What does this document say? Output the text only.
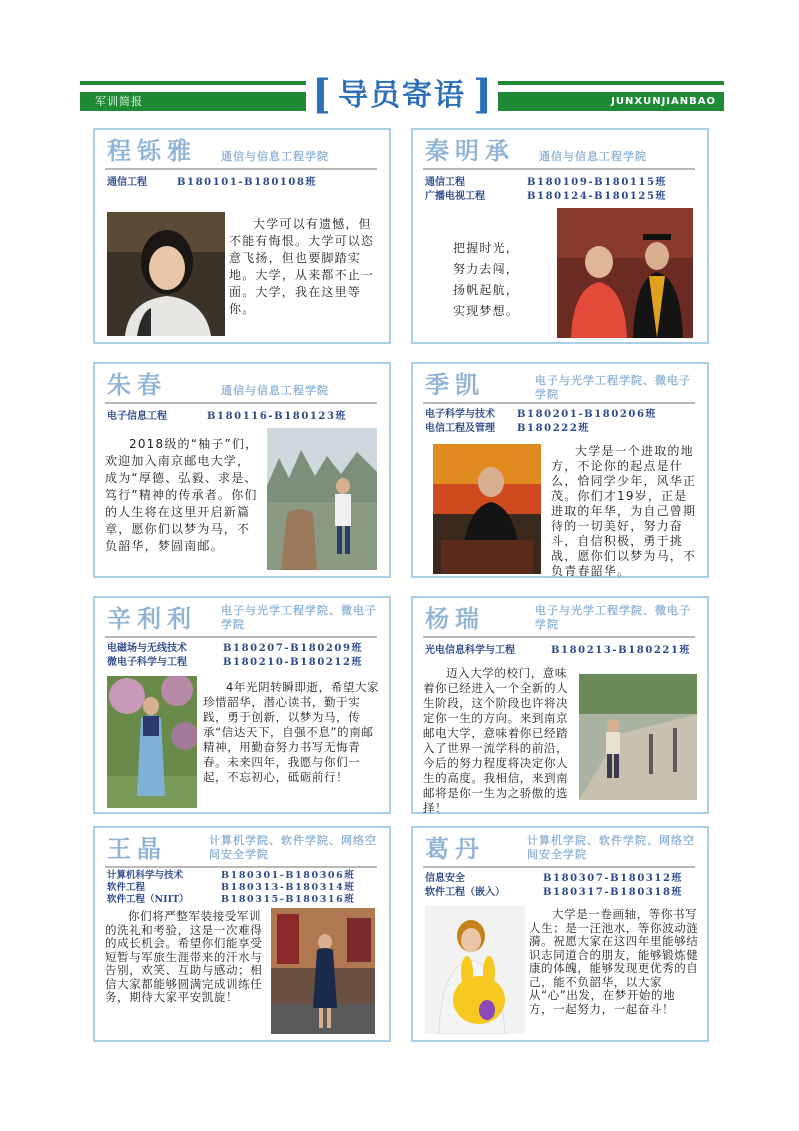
军训简报	JUNXUNJIANBAO
[ 导员寄语 ]
程铄雅 通信与信息工程学院
通信工程	B180101-B180108班
大学可以有遗憾，但不能有悔恨。大学可以恣意飞扬，但也要脚踏实地。大学，从来都不止一面。大学，我在这里等你。
秦明承 通信与信息工程学院
通信工程	B180109-B180115班
广播电视工程	B180124-B180125班
把握时光，努力去闯，扬帆起航，实现梦想。
朱春	通信与信息工程学院
电子信息工程	B180116-B180123班
2018级的“柚子”们，欢迎加入南京邮电大学，成为“厚德、弘毅、求是、笃行”精神的传承者。你们的人生将在这里开启新篇章，愿你们以梦为马，不负韶华，梦圆南邮。
季凯	电子与光学工程学院、微电子学院
电子科学与技术	B180201-B180206班
电信工程及管理	B180222班
大学是一个进取的地方，不论你的起点是什么，恰同学少年，风华正茂。你们才19岁，正是进取的年华，为自己曾期待的一切美好，努力奋斗，自信积极，勇于挑战，愿你们以梦为马，不负青春韶华。
辛利利 电子与光学工程学院、微电子学院
电磁场与无线技术	B180207-B180209班
微电子科学与工程	B180210-B180212班
4年光阴转瞬即逝，希望大家珍惜韶华，潜心读书，勤于实践，勇于创新，以梦为马，传承“信达天下，自强不息”的南邮精神，用勤奋努力书写无悔青春。未来四年，我愿与你们一起，不忘初心，砥砺前行！
杨瑞	电子与光学工程学院、微电子学院
光电信息科学与工程	B180213-B180221班
迈入大学的校门，意味着你已经进入一个全新的人生阶段，这个阶段也许将决定你一生的方向。来到南京邮电大学，意味着你已经踏入了世界一流学科的前沿，今后的努力程度将决定你人生的高度。我相信，来到南邮将是你一生为之骄傲的选择！
王晶	计算机学院、软件学院、网络空间安全学院
计算机科学与技术	B180301-B180306班
软件工程	B180313-B180314班
软件工程（NIIT）	B180315-B180316班
你们将严整军装接受军训的洗礼和考验，这是一次难得的成长机会。希望你们能享受短暂与军旅生涯带来的汗水与告别，欢笑、互助与感动；相信大家都能够圆满完成训练任务，期待大家平安凯旋！
葛丹	计算机学院、软件学院、网络空间安全学院
信息安全	B180307-B180312班
软件工程（嵌入）	B180317-B180318班
大学是一卷画轴，等你书写人生；是一汪池水，等你波动涟漪。祝愿大家在这四年里能够结识志同道合的朋友，能够锻炼健康的体魄，能够发现更优秀的自己，能不负韶华，以大家从“心”出发，在梦开始的地方，一起努力，一起奋斗！
